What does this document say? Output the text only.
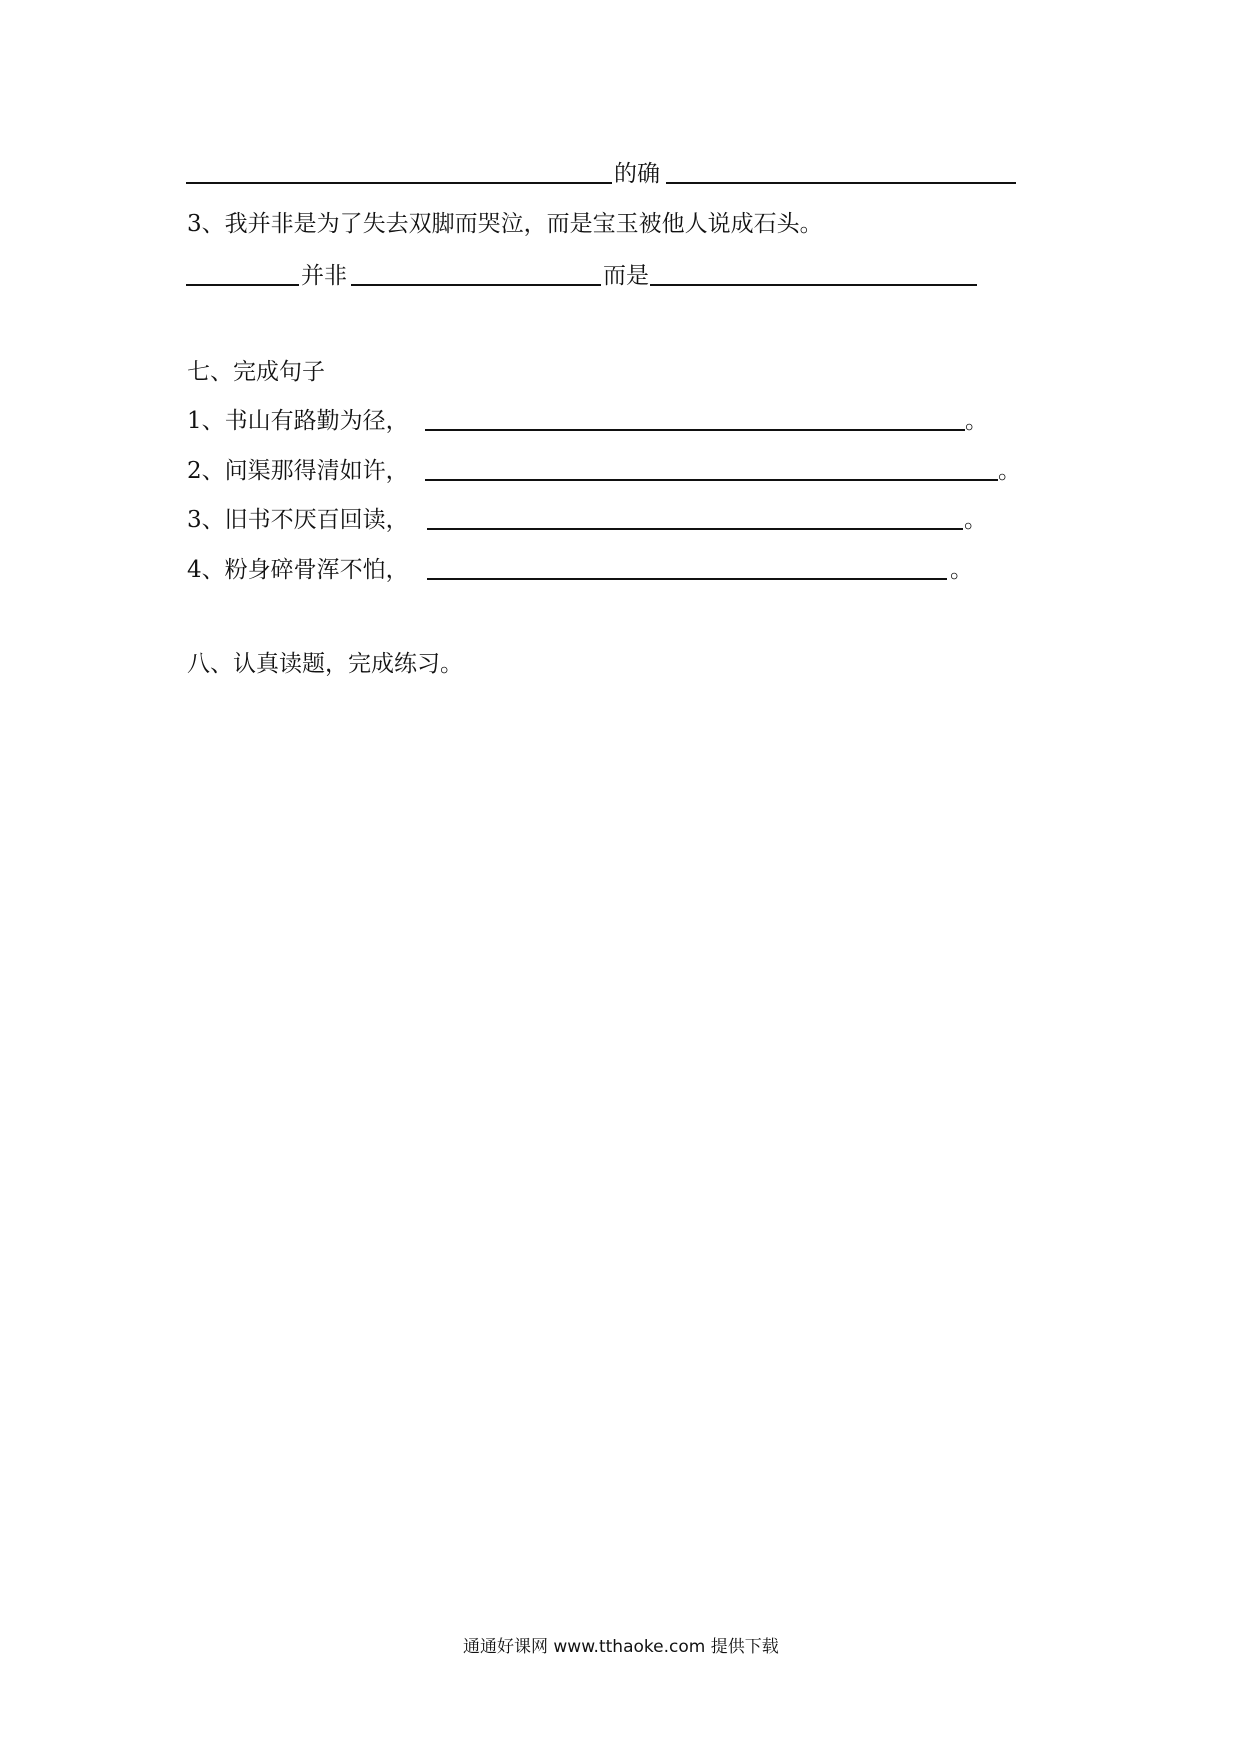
的确
3、我并非是为了失去双脚而哭泣，而是宝玉被他人说成石头。
并非	而是
七、完成句子
1、书山有路勤为径，	。
2、问渠那得清如许，	。
3、旧书不厌百回读，	。
4、粉身碎骨浑不怕，	。
八、认真读题，完成练习。
通通好课网 www.tthaoke.com 提供下载
